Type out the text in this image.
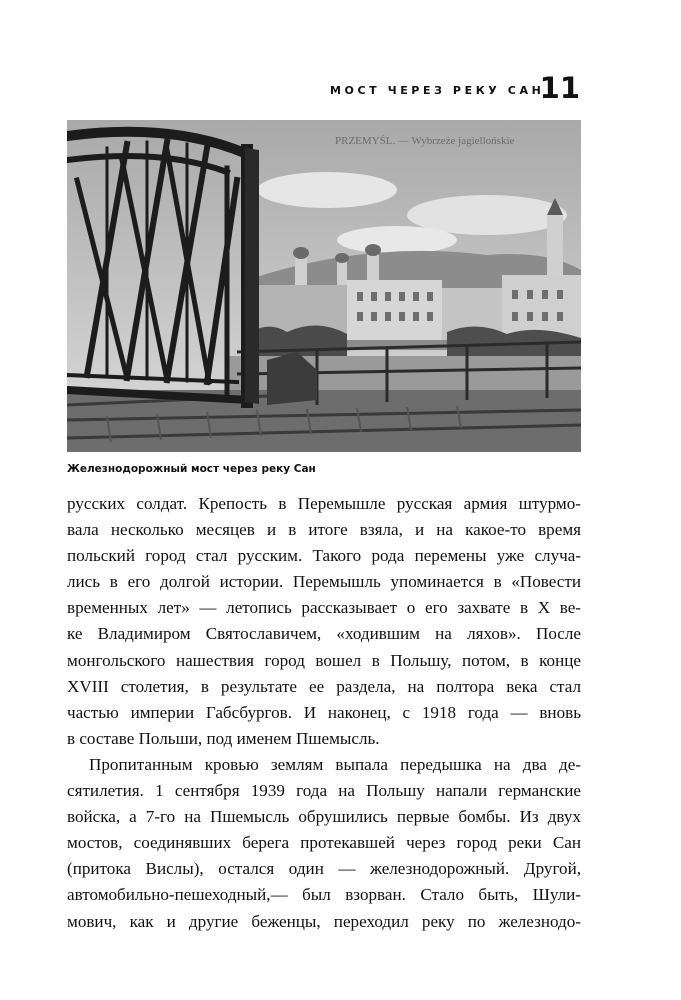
МОСТ ЧЕРЕЗ РЕКУ САН
11
PRZEMYŚL. — Wybrzeże jagiellońskie
Железнодорожный мост через реку Сан

русских солдат. Крепость в Перемышле русская армия штурмо-
вала несколько месяцев и в итоге взяла, и на какое-то время
польский город стал русским. Такого рода перемены уже случа-
лись в его долгой истории. Перемышль упоминается в «Повести
временных лет» — летопись рассказывает о его захвате в X ве-
ке Владимиром Святославичем, «ходившим на ляхов». После
монгольского нашествия город вошел в Польшу, потом, в конце
XVIII столетия, в результате ее раздела, на полтора века стал
частью империи Габсбургов. И наконец, с 1918 года — вновь
в составе Польши, под именем Пшемысль.

Пропитанным кровью землям выпала передышка на два де-
сятилетия. 1 сентября 1939 года на Польшу напали германские
войска, а 7-го на Пшемысль обрушились первые бомбы. Из двух
мостов, соединявших берега протекавшей через город реки Сан
(притока Вислы), остался один — железнодорожный. Другой,
автомобильно-пешеходный,— был взорван. Стало быть, Шули-
мович, как и другие беженцы, переходил реку по железнодо-
